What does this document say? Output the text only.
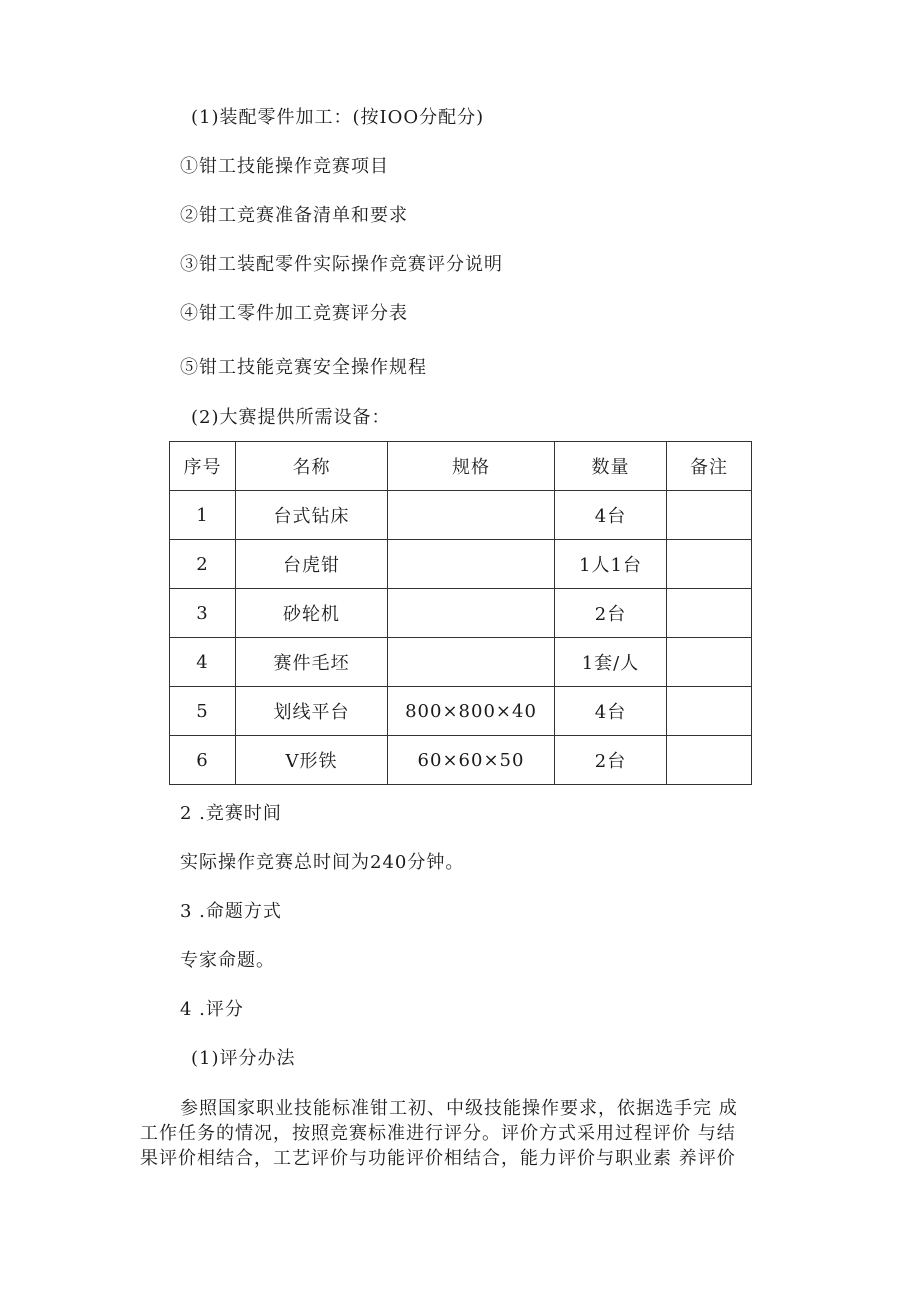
(1)装配零件加工：(按IOO分配分)
①钳工技能操作竞赛项目
②钳工竞赛准备清单和要求
③钳工装配零件实际操作竞赛评分说明
④钳工零件加工竞赛评分表
⑤钳工技能竞赛安全操作规程
(2)大赛提供所需设备：
序号	名称	规格	数量	备注
1	台式钻床		4台	
2	台虎钳		1人1台	
3	砂轮机		2台	
4	赛件毛坯		1套/人	
5	划线平台	800×800×40	4台	
6	V形铁	60×60×50	2台	
2 .竞赛时间
实际操作竞赛总时间为240分钟。
3 .命题方式
专家命题。
4 .评分
(1)评分办法

参照国家职业技能标准钳工初、中级技能操作要求，依据选手完 成

工作任务的情况，按照竞赛标准进行评分。评价方式采用过程评价 与结

果评价相结合，工艺评价与功能评价相结合，能力评价与职业素 养评价
